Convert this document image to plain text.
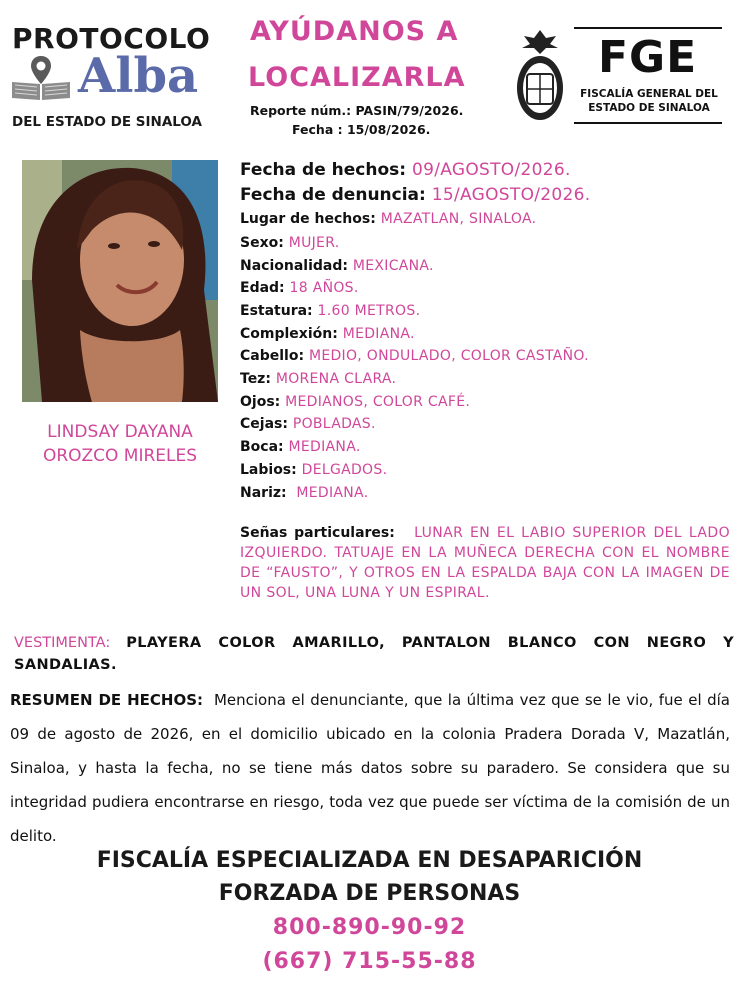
PROTOCOLO
Alba
DEL ESTADO DE SINALOA
AYÚDANOS A
LOCALIZARLA
Reporte núm.: PASIN/79/2026.
Fecha : 15/08/2026.
FGE
FISCALÍA GENERAL DEL
ESTADO DE SINALOA
LINDSAY DAYANA
OROZCO MIRELES
Fecha de hechos: 09/AGOSTO/2026.
Fecha de denuncia: 15/AGOSTO/2026.
Lugar de hechos: MAZATLAN, SINALOA.
Sexo: MUJER.
Nacionalidad: MEXICANA.
Edad: 18 AÑOS.
Estatura: 1.60 METROS.
Complexión: MEDIANA.
Cabello: MEDIO, ONDULADO, COLOR CASTAÑO.
Tez: MORENA CLARA.
Ojos: MEDIANOS, COLOR CAFÉ.
Cejas: POBLADAS.
Boca: MEDIANA.
Labios: DELGADOS.
Nariz: MEDIANA.
Señas particulares: LUNAR EN EL LABIO SUPERIOR DEL LADO IZQUIERDO. TATUAJE EN LA MUÑECA DERECHA CON EL NOMBRE DE “FAUSTO”, Y OTROS EN LA ESPALDA BAJA CON LA IMAGEN DE UN SOL, UNA LUNA Y UN ESPIRAL.
VESTIMENTA: PLAYERA COLOR AMARILLO, PANTALON BLANCO CON NEGRO Y SANDALIAS.
RESUMEN DE HECHOS: Menciona el denunciante, que la última vez que se le vio, fue el día 09 de agosto de 2026, en el domicilio ubicado en la colonia Pradera Dorada V, Mazatlán, Sinaloa, y hasta la fecha, no se tiene más datos sobre su paradero. Se considera que su integridad pudiera encontrarse en riesgo, toda vez que puede ser víctima de la comisión de un delito.
FISCALÍA ESPECIALIZADA EN DESAPARICIÓN
FORZADA DE PERSONAS
800-890-90-92
(667) 715-55-88
